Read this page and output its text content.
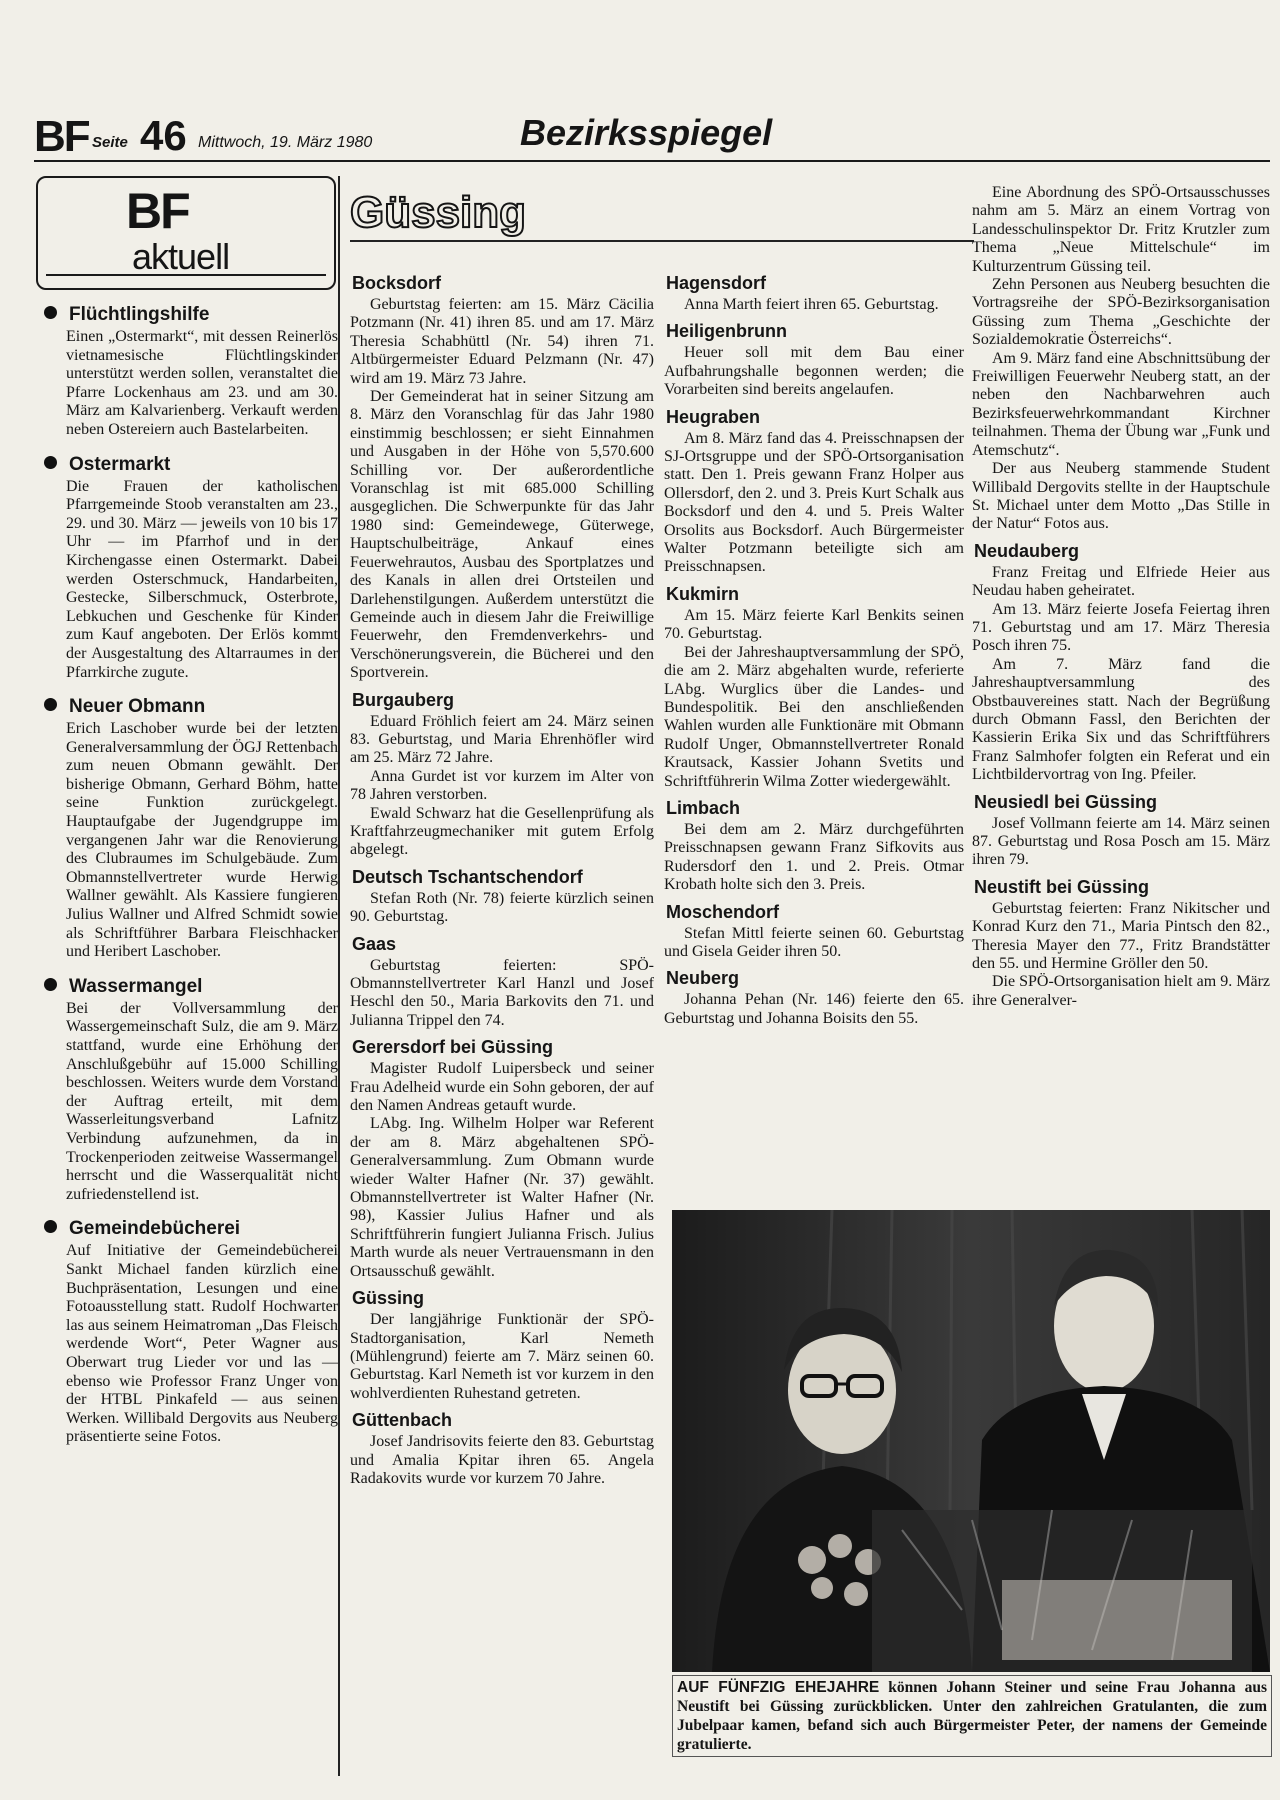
BF Seite 46 Mittwoch, 19. März 1980	Bezirksspiegel
BF
aktuell
Flüchtlingshilfe
Einen „Ostermarkt“, mit dessen Reinerlös vietnamesische Flüchtlingskinder unterstützt werden sollen, veranstaltet die Pfarre Lockenhaus am 23. und am 30. März am Kalvarienberg. Verkauft werden neben Ostereiern auch Bastelarbeiten.
Ostermarkt
Die Frauen der katholischen Pfarrgemeinde Stoob veranstalten am 23., 29. und 30. März — jeweils von 10 bis 17 Uhr — im Pfarrhof und in der Kirchengasse einen Ostermarkt. Dabei werden Osterschmuck, Handarbeiten, Gestecke, Silberschmuck, Osterbrote, Lebkuchen und Geschenke für Kinder zum Kauf angeboten. Der Erlös kommt der Ausgestaltung des Altarraumes in der Pfarrkirche zugute.
Neuer Obmann
Erich Laschober wurde bei der letzten Generalversammlung der ÖGJ Rettenbach zum neuen Obmann gewählt. Der bisherige Obmann, Gerhard Böhm, hatte seine Funktion zurückgelegt. Hauptaufgabe der Jugendgruppe im vergangenen Jahr war die Renovierung des Clubraumes im Schulgebäude. Zum Obmannstellvertreter wurde Herwig Wallner gewählt. Als Kassiere fungieren Julius Wallner und Alfred Schmidt sowie als Schriftführer Barbara Fleischhacker und Heribert Laschober.
Wassermangel
Bei der Vollversammlung der Wassergemeinschaft Sulz, die am 9. März stattfand, wurde eine Erhöhung der Anschlußgebühr auf 15.000 Schilling beschlossen. Weiters wurde dem Vorstand der Auftrag erteilt, mit dem Wasserleitungsverband Lafnitz Verbindung aufzunehmen, da in Trockenperioden zeitweise Wassermangel herrscht und die Wasserqualität nicht zufriedenstellend ist.
Gemeindebücherei
Auf Initiative der Gemeindebücherei Sankt Michael fanden kürzlich eine Buchpräsentation, Lesungen und eine Fotoausstellung statt. Rudolf Hochwarter las aus seinem Heimatroman „Das Fleisch werdende Wort“, Peter Wagner aus Oberwart trug Lieder vor und las — ebenso wie Professor Franz Unger von der HTBL Pinkafeld — aus seinen Werken. Willibald Dergovits aus Neuberg präsentierte seine Fotos.
Güssing
Bocksdorf

Geburtstag feierten: am 15. März Cäcilia Potzmann (Nr. 41) ihren 85. und am 17. März Theresia Schabhüttl (Nr. 54) ihren 71. Altbürgermeister Eduard Pelzmann (Nr. 47) wird am 19. März 73 Jahre.

Der Gemeinderat hat in seiner Sitzung am 8. März den Voranschlag für das Jahr 1980 einstimmig beschlossen; er sieht Einnahmen und Ausgaben in der Höhe von 5,570.600 Schilling vor. Der außerordentliche Voranschlag ist mit 685.000 Schilling ausgeglichen. Die Schwerpunkte für das Jahr 1980 sind: Gemeindewege, Güterwege, Hauptschulbeiträge, Ankauf eines Feuerwehrautos, Ausbau des Sportplatzes und des Kanals in allen drei Ortsteilen und Darlehenstilgungen. Außerdem unterstützt die Gemeinde auch in diesem Jahr die Freiwillige Feuerwehr, den Fremdenverkehrs- und Verschönerungsverein, die Bücherei und den Sportverein.

Burgauberg

Eduard Fröhlich feiert am 24. März seinen 83. Geburtstag, und Maria Ehrenhöfler wird am 25. März 72 Jahre.

Anna Gurdet ist vor kurzem im Alter von 78 Jahren verstorben.

Ewald Schwarz hat die Gesellenprüfung als Kraftfahrzeugmechaniker mit gutem Erfolg abgelegt.

Deutsch Tschantschendorf

Stefan Roth (Nr. 78) feierte kürzlich seinen 90. Geburtstag.

Gaas

Geburtstag feierten: SPÖ-Obmannstellvertreter Karl Hanzl und Josef Heschl den 50., Maria Barkovits den 71. und Julianna Trippel den 74.

Gerersdorf bei Güssing

Magister Rudolf Luipersbeck und seiner Frau Adelheid wurde ein Sohn geboren, der auf den Namen Andreas getauft wurde.

LAbg. Ing. Wilhelm Holper war Referent der am 8. März abgehaltenen SPÖ-Generalversammlung. Zum Obmann wurde wieder Walter Hafner (Nr. 37) gewählt. Obmannstellvertreter ist Walter Hafner (Nr. 98), Kassier Julius Hafner und als Schriftführerin fungiert Julianna Frisch. Julius Marth wurde als neuer Vertrauensmann in den Ortsausschuß gewählt.

Güssing

Der langjährige Funktionär der SPÖ-Stadtorganisation, Karl Nemeth (Mühlengrund) feierte am 7. März seinen 60. Geburtstag. Karl Nemeth ist vor kurzem in den wohlverdienten Ruhestand getreten.

Güttenbach

Josef Jandrisovits feierte den 83. Geburtstag und Amalia Kpitar ihren 65. Angela Radakovits wurde vor kurzem 70 Jahre.

Hagensdorf

Anna Marth feiert ihren 65. Geburtstag.

Heiligenbrunn

Heuer soll mit dem Bau einer Aufbahrungshalle begonnen werden; die Vorarbeiten sind bereits angelaufen.

Heugraben

Am 8. März fand das 4. Preisschnapsen der SJ-Ortsgruppe und der SPÖ-Ortsorganisation statt. Den 1. Preis gewann Franz Holper aus Ollersdorf, den 2. und 3. Preis Kurt Schalk aus Bocksdorf und den 4. und 5. Preis Walter Orsolits aus Bocksdorf. Auch Bürgermeister Walter Potzmann beteiligte sich am Preisschnapsen.

Kukmirn

Am 15. März feierte Karl Benkits seinen 70. Geburtstag.

Bei der Jahreshauptversammlung der SPÖ, die am 2. März abgehalten wurde, referierte LAbg. Wurglics über die Landes- und Bundespolitik. Bei den anschließenden Wahlen wurden alle Funktionäre mit Obmann Rudolf Unger, Obmannstellvertreter Ronald Krautsack, Kassier Johann Svetits und Schriftführerin Wilma Zotter wiedergewählt.

Limbach

Bei dem am 2. März durchgeführten Preisschnapsen gewann Franz Sifkovits aus Rudersdorf den 1. und 2. Preis. Otmar Krobath holte sich den 3. Preis.

Moschendorf

Stefan Mittl feierte seinen 60. Geburtstag und Gisela Geider ihren 50.

Neuberg

Johanna Pehan (Nr. 146) feierte den 65. Geburtstag und Johanna Boisits den 55.

Eine Abordnung des SPÖ-Ortsausschusses nahm am 5. März an einem Vortrag von Landesschulinspektor Dr. Fritz Krutzler zum Thema „Neue Mittelschule“ im Kulturzentrum Güssing teil.

Zehn Personen aus Neuberg besuchten die Vortragsreihe der SPÖ-Bezirksorganisation Güssing zum Thema „Geschichte der Sozialdemokratie Österreichs“.

Am 9. März fand eine Abschnittsübung der Freiwilligen Feuerwehr Neuberg statt, an der neben den Nachbarwehren auch Bezirksfeuerwehrkommandant Kirchner teilnahmen. Thema der Übung war „Funk und Atemschutz“.

Der aus Neuberg stammende Student Willibald Dergovits stellte in der Hauptschule St. Michael unter dem Motto „Das Stille in der Natur“ Fotos aus.

Neudauberg

Franz Freitag und Elfriede Heier aus Neudau haben geheiratet.

Am 13. März feierte Josefa Feiertag ihren 71. Geburtstag und am 17. März Theresia Posch ihren 75.

Am 7. März fand die Jahreshauptversammlung des Obstbauvereines statt. Nach der Begrüßung durch Obmann Fassl, den Berichten der Kassierin Erika Six und das Schriftführers Franz Salmhofer folgten ein Referat und ein Lichtbildervortrag von Ing. Pfeiler.

Neusiedl bei Güssing

Josef Vollmann feierte am 14. März seinen 87. Geburtstag und Rosa Posch am 15. März ihren 79.

Neustift bei Güssing

Geburtstag feierten: Franz Nikitscher und Konrad Kurz den 71., Maria Pintsch den 82., Theresia Mayer den 77., Fritz Brandstätter den 55. und Hermine Gröller den 50.

Die SPÖ-Ortsorganisation hielt am 9. März ihre Generalver-

AUF FÜNFZIG EHEJAHRE können Johann Steiner und seine Frau Johanna aus Neustift bei Güssing zurückblicken. Unter den zahlreichen Gratulanten, die zum Jubelpaar kamen, befand sich auch Bürgermeister Peter, der namens der Gemeinde gratulierte.
